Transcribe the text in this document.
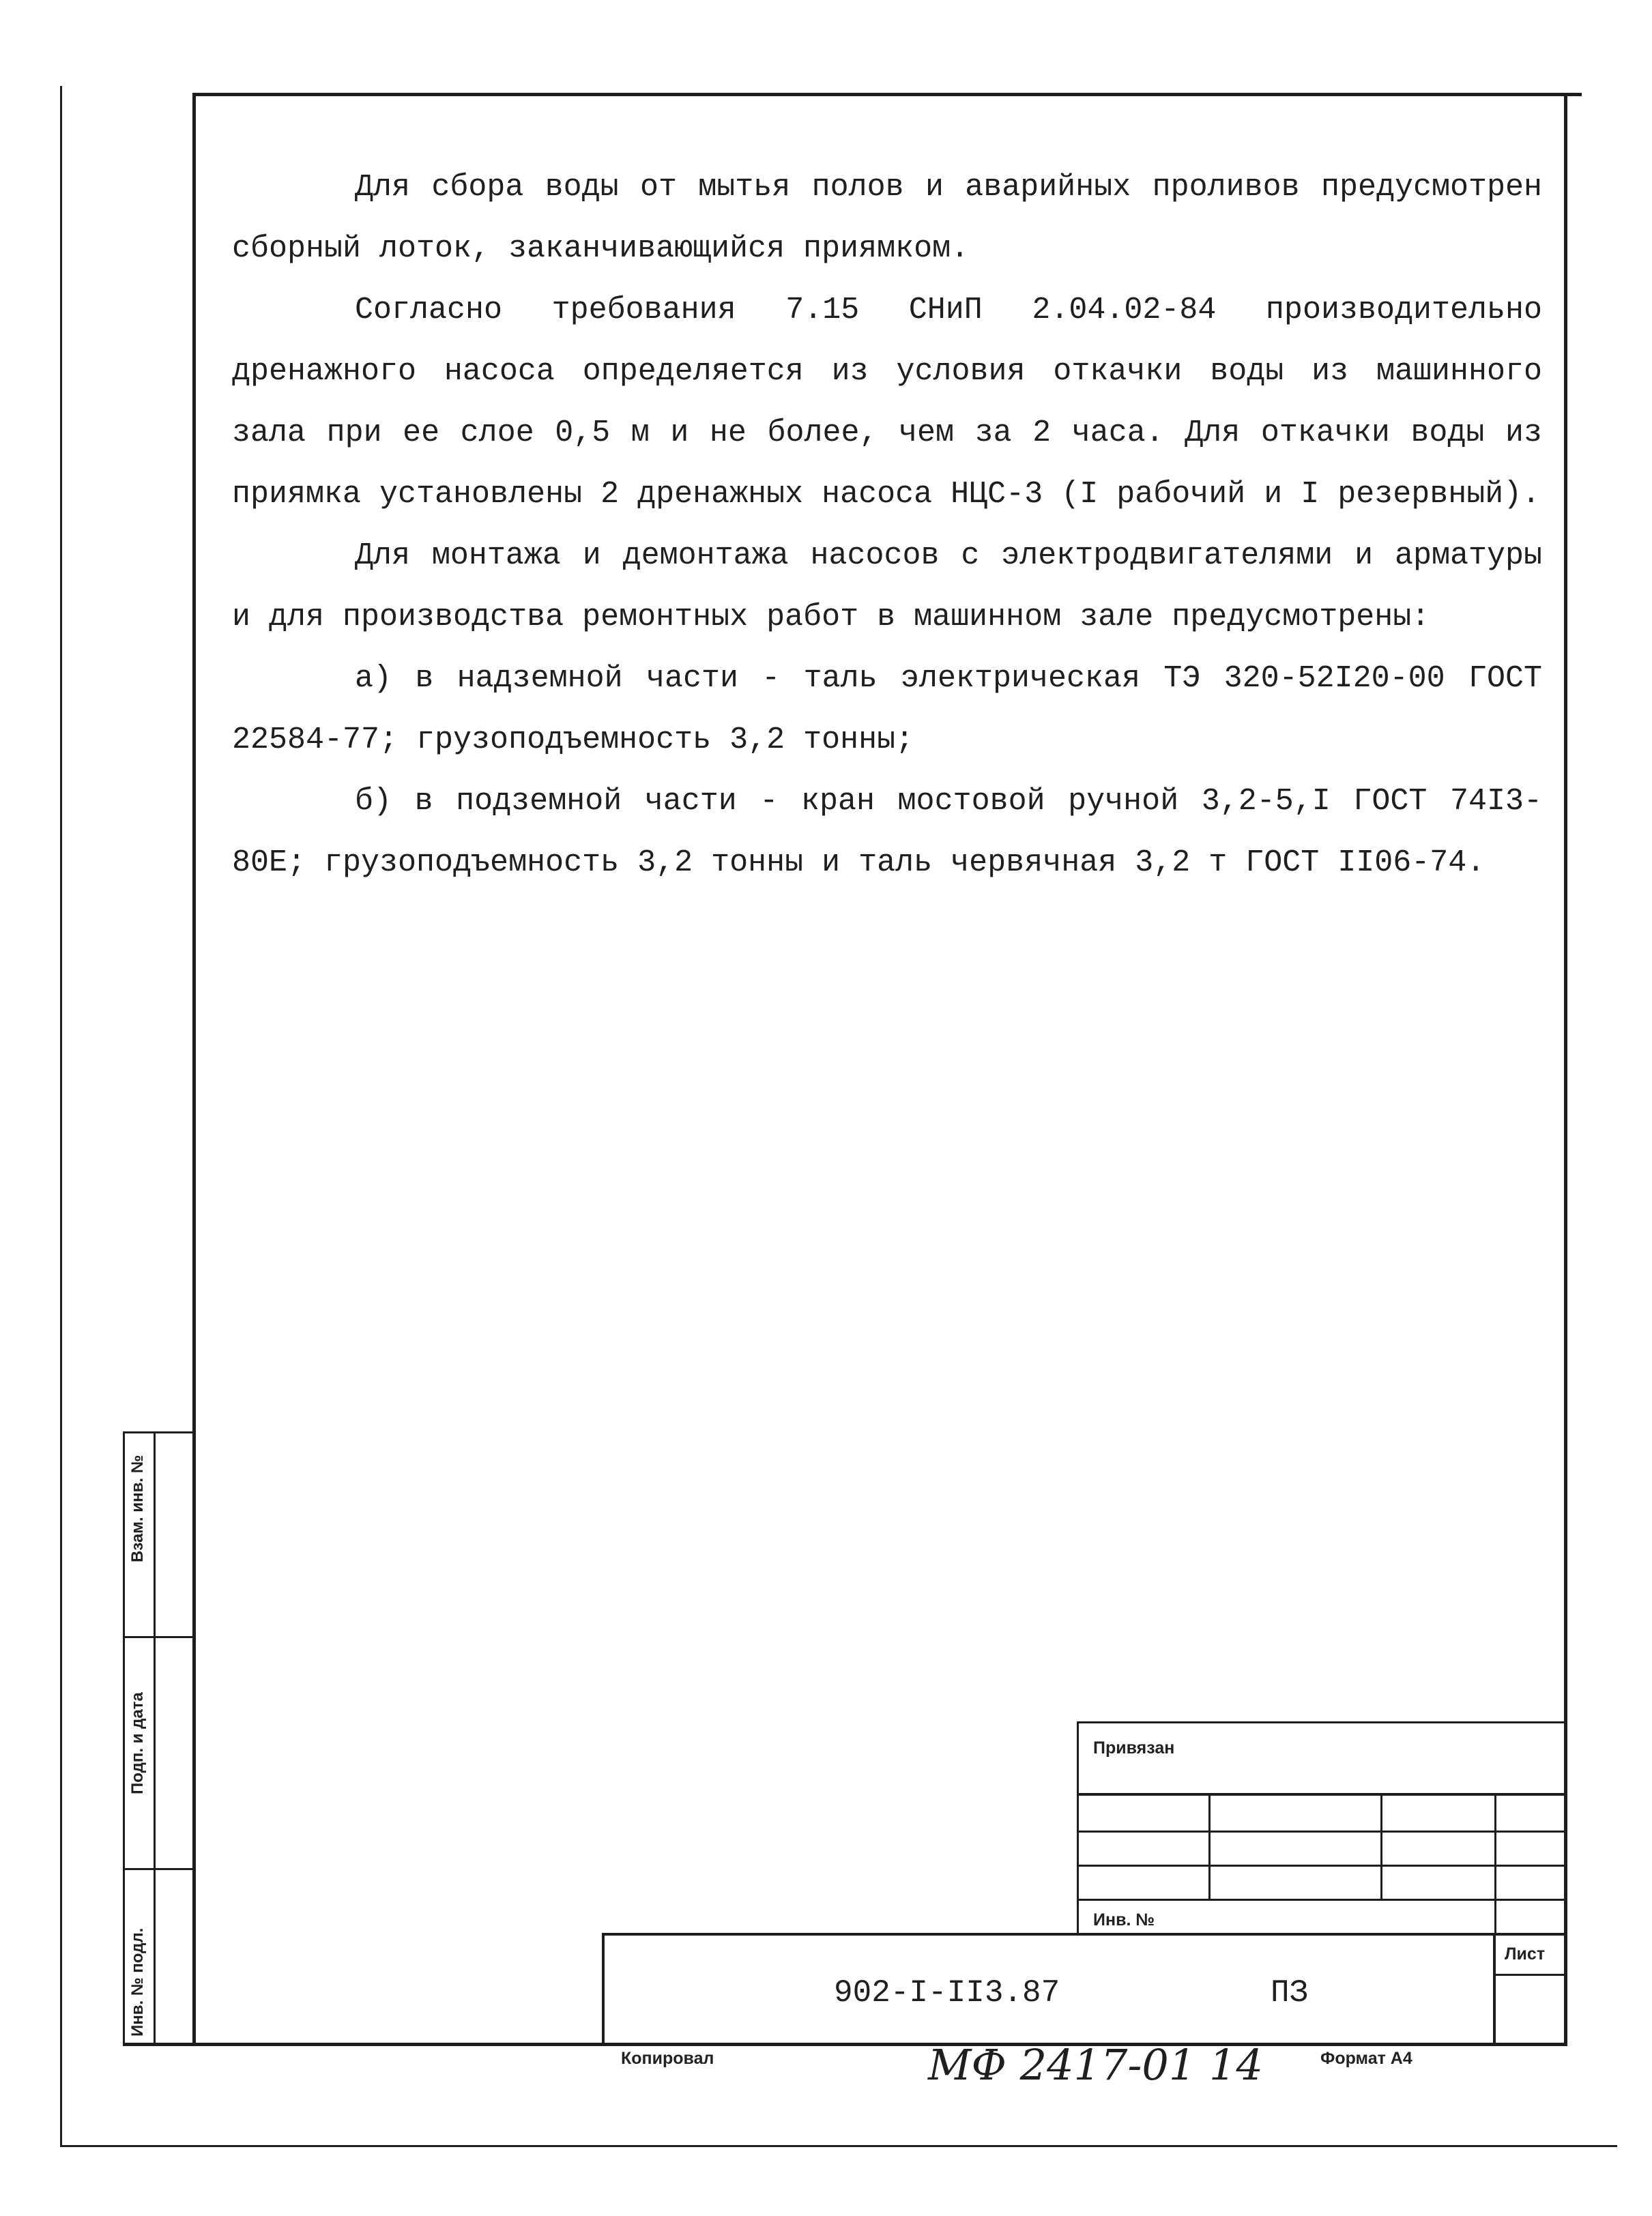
Для сбора воды от мытья полов и аварийных проливов предусмотрен сборный лоток, заканчивающийся приямком.

Согласно требования 7.15 СНиП 2.04.02-84 производительно дренажного насоса определяется из условия откачки воды из машинного зала при ее слое 0,5 м и не более, чем за 2 часа. Для откачки воды из приямка установлены 2 дренажных насоса НЦС-3 (I рабочий и I резервный).

Для монтажа и демонтажа насосов с электродвигателями и арматуры и для производства ремонтных работ в машинном зале предусмотрены:

а) в надземной части - таль электрическая ТЭ 320-52I20-00 ГОСТ 22584-77; грузоподъемность 3,2 тонны;

б) в подземной части - кран мостовой ручной 3,2-5,I ГОСТ 74I3-80Е; грузоподъемность 3,2 тонны и таль червячная 3,2 т ГОСТ II06-74.

Взам. инв. №
Подп. и дата
Инв. № подл.
Привязан
Инв. №
Лист
902-I-II3.87	ПЗ
Копировал	МФ 2417-01 14	Формат А4
